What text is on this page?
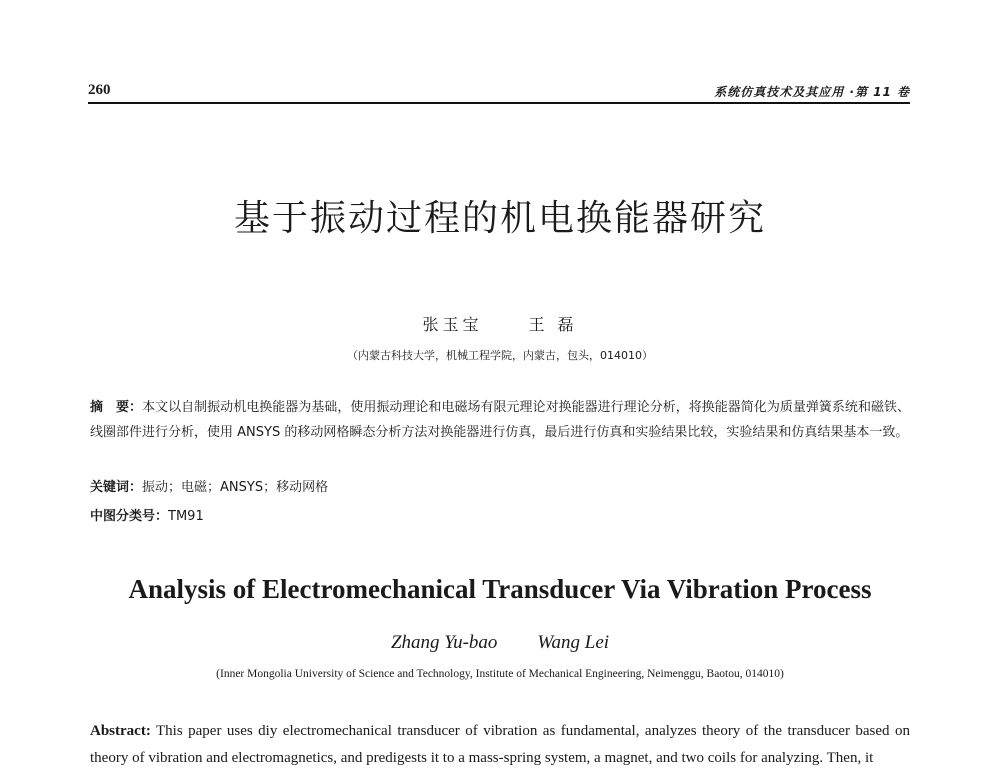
260	系统仿真技术及其应用 ·第 11 卷
基于振动过程的机电换能器研究
张玉宝	王 磊
（内蒙古科技大学，机械工程学院，内蒙古，包头，014010）
摘　要：本文以自制振动机电换能器为基础，使用振动理论和电磁场有限元理论对换能器进行理论分析，将换能器简化为质量弹簧系统和磁铁、线圈部件进行分析，使用 ANSYS 的移动网格瞬态分析方法对换能器进行仿真，最后进行仿真和实验结果比较，实验结果和仿真结果基本一致。
关键词：振动；电磁；ANSYS；移动网格
中图分类号：TM91
Analysis of Electromechanical Transducer Via Vibration Process
Zhang Yu-bao Wang Lei
(Inner Mongolia University of Science and Technology, Institute of Mechanical Engineering, Neimenggu, Baotou, 014010)
Abstract: This paper uses diy electromechanical transducer of vibration as fundamental, analyzes theory of the transducer based on theory of vibration and electromagnetics, and predigests it to a mass-spring system, a magnet, and two coils for analyzing. Then, it
